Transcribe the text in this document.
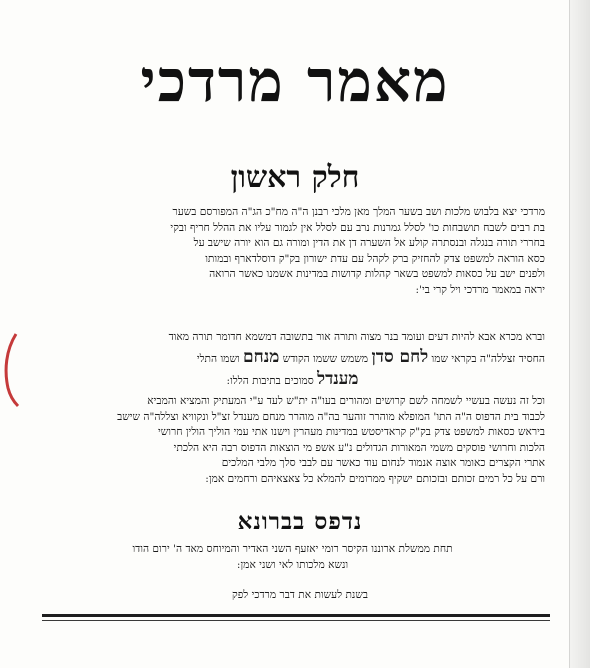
מאמר מרדכי
חלק ראשון
מרדכי יצא בלבוש מלכות ושב בשער המלך מאן מלכי רבנן ה"ה מח"כ הג"ה המפורסם בשער
בת רבים לשבח תושבחות כו' לסלל גמרנות נרב עם לסלל אין לגמור עליו את ההלל חריף ובקי
בחררי תורה בנגלה ובנסתרה קולע אל השערה דן את הדין ומורה גם הוא יורה שישב על
כסא הוראה למשפט צדק להחזיק ברק לקהל עם עדת ישורון בק"ק דוסלדארף ובמותו
ולפנים ישב על כסאות למשפט בשאר קהלות קדושות במדינות אשמנו כאשר הרואה
יראה במאמר מרדכי ויל קרי בי':
וברא מכרא אבא להיות דעים ועומד בנר מצוה ותורה אור בתשובה דמשמא חדומר תורה מאוד
החסיד זצללה"ה בקראי שמו לחם סדן משמש ששמו הקודש מנחם ושמו התלי
מענדל סמוכים בתיבות הללו:
וכל זה נעשה בעשיי לשמחה לשם קרושים ומהורים בעו"ה ית"ש לעד ע"י המעתיק והמציא והמביא
לכבוד בית הדפוס ה"ה התו' המופלא מוהרר זוהער בה"ה מוהרר מנחם מענדל זצ"ל ונקוויא וצללה"ה שישב
ביראש כסאות למשפט צדק בק"ק קראדיסטש במדינות מעהרין וישנו אתי עמי הוליך הולין חרושי
הלכות וחרושי פוסקים משמי המאורות הגדולים נ"ע אשפ מי הוצאות הדפוס רבה היא הלכתי
אתרי הקצרים כאומר אוצה אנמוד לנחום עוד כאשר עם לבבי סלך מלבי המלכים
ורם על כל רמים זכותם ובזכותם ישקיף ממרומים להמלא כל צאצאיהם ורחמים אמן:
נדפס בברונא
תחת ממשלת ארוננו הקיסר רומי יאזעף השני האדיר והמיוחס מאד ה' ירום הודו
ונשא מלכותו לאי ושני אמן:
בשנת לעשות את דבר מרדכי לפק
